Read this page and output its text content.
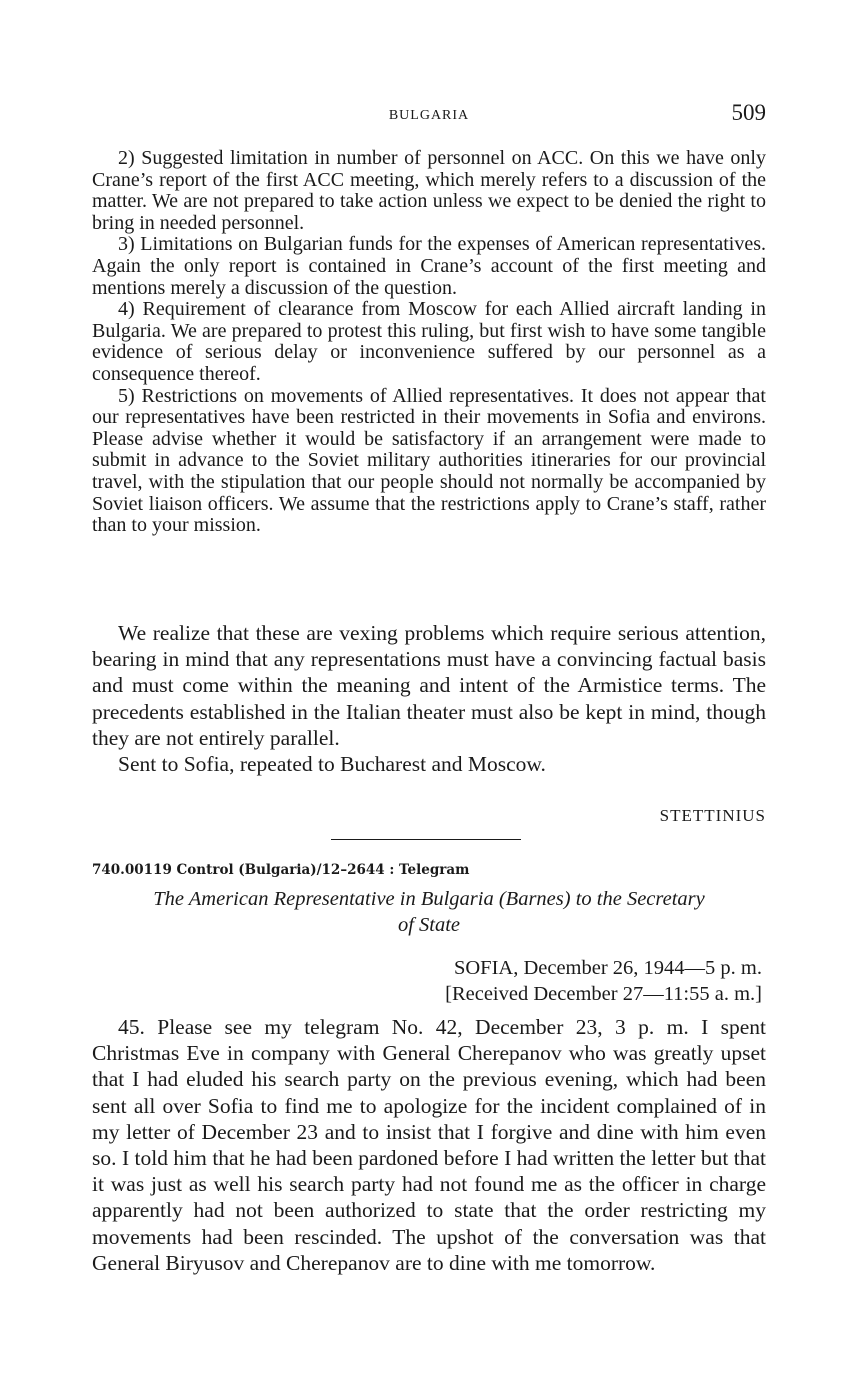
BULGARIA	509

2) Suggested limitation in number of personnel on ACC. On this we have only Crane’s report of the first ACC meeting, which merely refers to a discussion of the matter. We are not prepared to take action unless we expect to be denied the right to bring in needed personnel.

3) Limitations on Bulgarian funds for the expenses of American representatives. Again the only report is contained in Crane’s account of the first meeting and mentions merely a discussion of the question.

4) Requirement of clearance from Moscow for each Allied aircraft landing in Bulgaria. We are prepared to protest this ruling, but first wish to have some tangible evidence of serious delay or inconvenience suffered by our personnel as a consequence thereof.

5) Restrictions on movements of Allied representatives. It does not appear that our representatives have been restricted in their movements in Sofia and environs. Please advise whether it would be satisfactory if an arrangement were made to submit in advance to the Soviet military authorities itineraries for our provincial travel, with the stipulation that our people should not normally be accompanied by Soviet liaison officers. We assume that the restrictions apply to Crane’s staff, rather than to your mission.

We realize that these are vexing problems which require serious attention, bearing in mind that any representations must have a convincing factual basis and must come within the meaning and intent of the Armistice terms. The precedents established in the Italian theater must also be kept in mind, though they are not entirely parallel.

Sent to Sofia, repeated to Bucharest and Moscow.

STETTINIUS
740.00119 Control (Bulgaria)/12–2644 : Telegram
The American Representative in Bulgaria (Barnes) to the Secretary
of State
SOFIA, December 26, 1944—5 p. m.
[Received December 27—11:55 a. m.]

45. Please see my telegram No. 42, December 23, 3 p. m. I spent Christmas Eve in company with General Cherepanov who was greatly upset that I had eluded his search party on the previous evening, which had been sent all over Sofia to find me to apologize for the incident complained of in my letter of December 23 and to insist that I forgive and dine with him even so. I told him that he had been pardoned before I had written the letter but that it was just as well his search party had not found me as the officer in charge apparently had not been authorized to state that the order restricting my movements had been rescinded. The upshot of the conversation was that General Biryusov and Cherepanov are to dine with me tomorrow.
